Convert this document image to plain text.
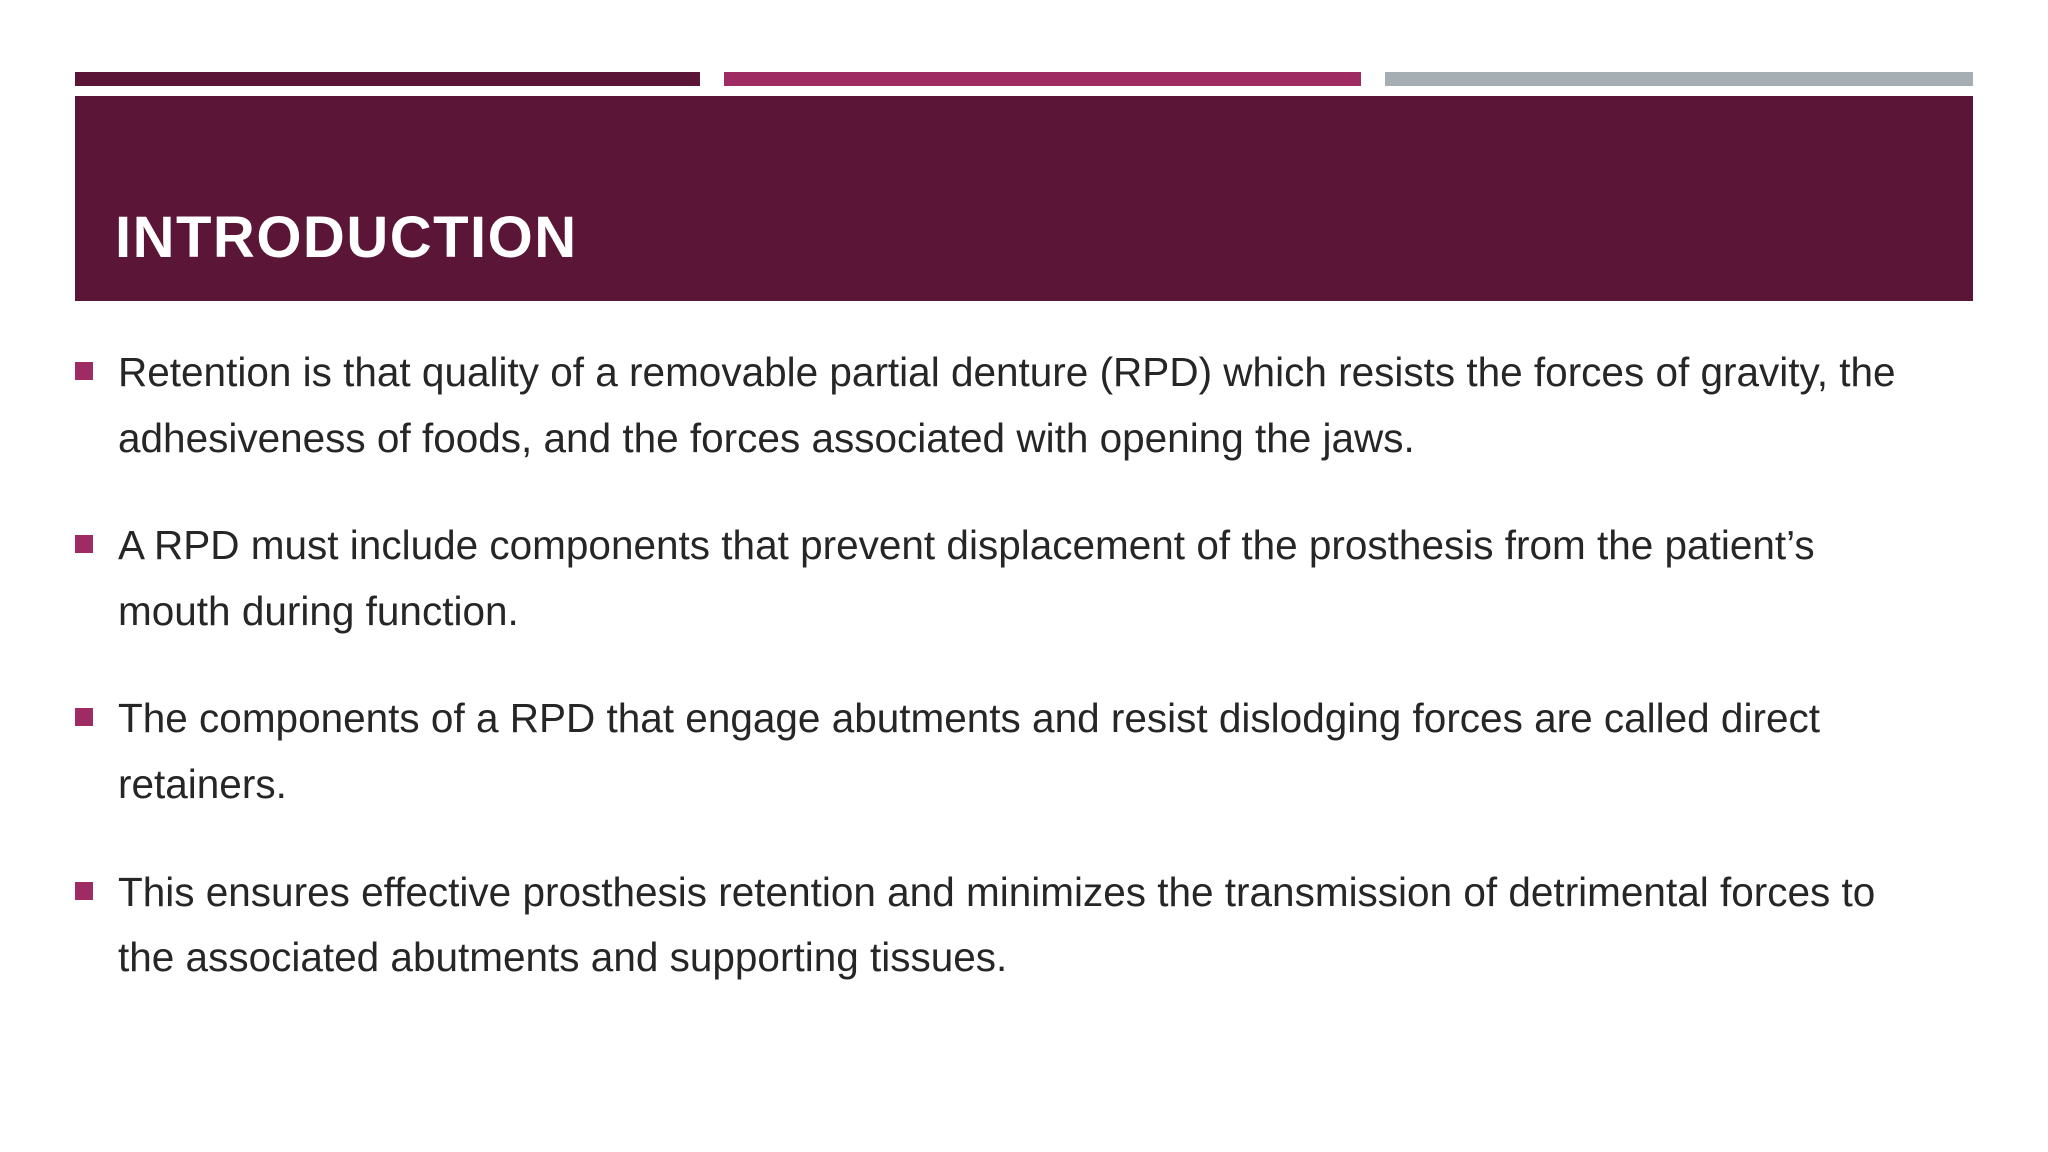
INTRODUCTION
Retention is that quality of a removable partial denture (RPD) which resists the forces of gravity, the adhesiveness of foods, and the forces associated with opening the jaws.
A RPD must include components that prevent displacement of the prosthesis from the patient’s mouth during function.
The components of a RPD that engage abutments and resist dislodging forces are called direct retainers.
This ensures effective prosthesis retention and minimizes the transmission of detrimental forces to the associated abutments and supporting tissues.
